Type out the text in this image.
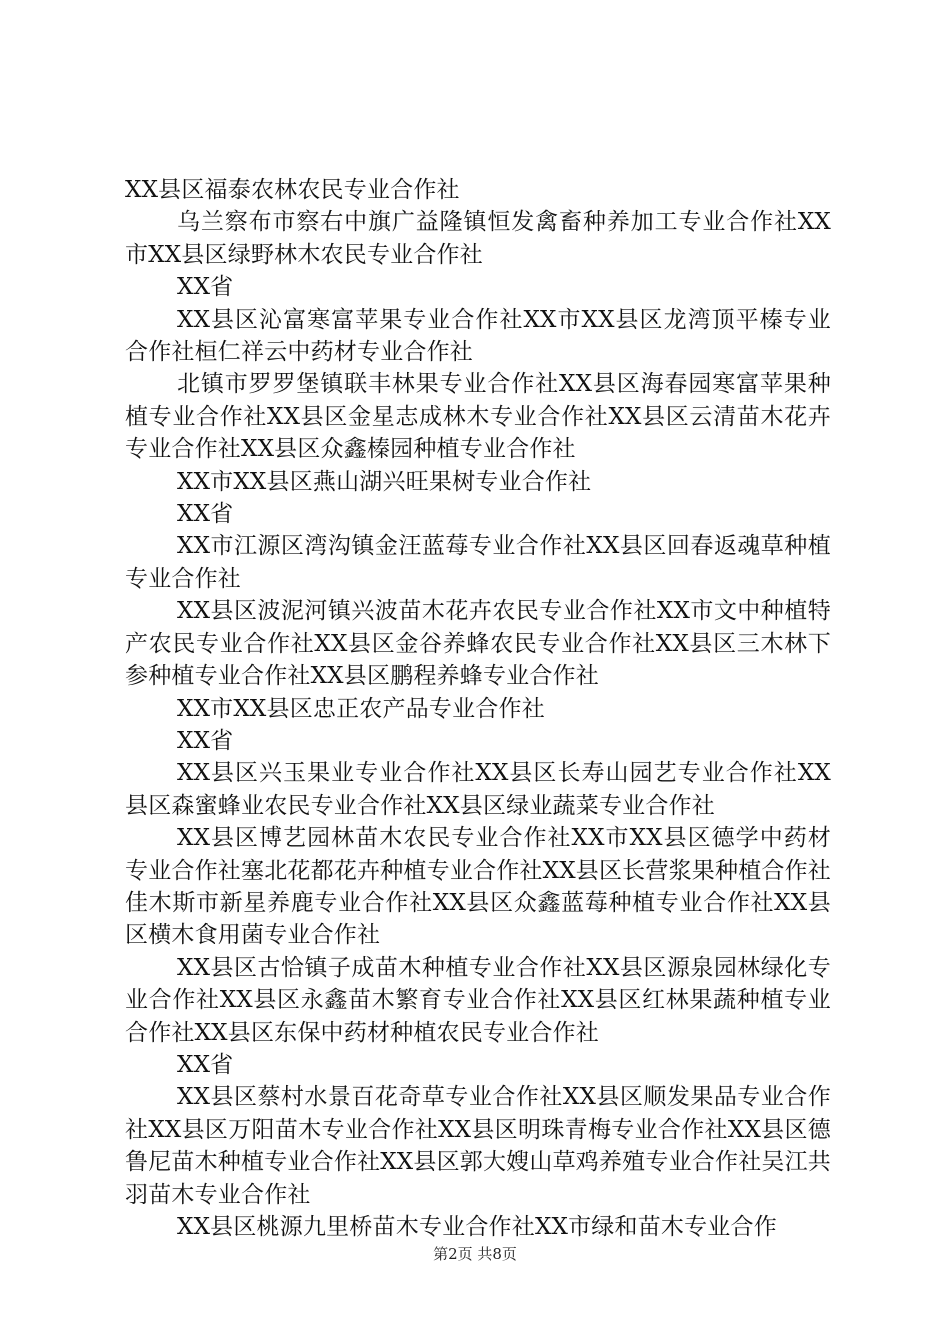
XX县区福泰农林农民专业合作社

乌兰察布市察右中旗广益隆镇恒发禽畜种养加工专业合作社XX市XX县区绿野林木农民专业合作社

XX省

XX县区沁富寒富苹果专业合作社XX市XX县区龙湾顶平榛专业合作社桓仁祥云中药材专业合作社

北镇市罗罗堡镇联丰林果专业合作社XX县区海春园寒富苹果种植专业合作社XX县区金星志成林木专业合作社XX县区云清苗木花卉专业合作社XX县区众鑫榛园种植专业合作社

XX市XX县区燕山湖兴旺果树专业合作社

XX省

XX市江源区湾沟镇金汪蓝莓专业合作社XX县区回春返魂草种植专业合作社

XX县区波泥河镇兴波苗木花卉农民专业合作社XX市文中种植特产农民专业合作社XX县区金谷养蜂农民专业合作社XX县区三木林下参种植专业合作社XX县区鹏程养蜂专业合作社

XX市XX县区忠正农产品专业合作社

XX省

XX县区兴玉果业专业合作社XX县区长寿山园艺专业合作社XX县区森蜜蜂业农民专业合作社XX县区绿业蔬菜专业合作社

XX县区博艺园林苗木农民专业合作社XX市XX县区德学中药材专业合作社塞北花都花卉种植专业合作社XX县区长营浆果种植合作社佳木斯市新星养鹿专业合作社XX县区众鑫蓝莓种植专业合作社XX县区横木食用菌专业合作社

XX县区古恰镇子成苗木种植专业合作社XX县区源泉园林绿化专业合作社XX县区永鑫苗木繁育专业合作社XX县区红林果蔬种植专业合作社XX县区东保中药材种植农民专业合作社

XX省

XX县区蔡村水景百花奇草专业合作社XX县区顺发果品专业合作社XX县区万阳苗木专业合作社XX县区明珠青梅专业合作社XX县区德鲁尼苗木种植专业合作社XX县区郭大嫂山草鸡养殖专业合作社吴江共羽苗木专业合作社

XX县区桃源九里桥苗木专业合作社XX市绿和苗木专业合作

第2页 共8页
